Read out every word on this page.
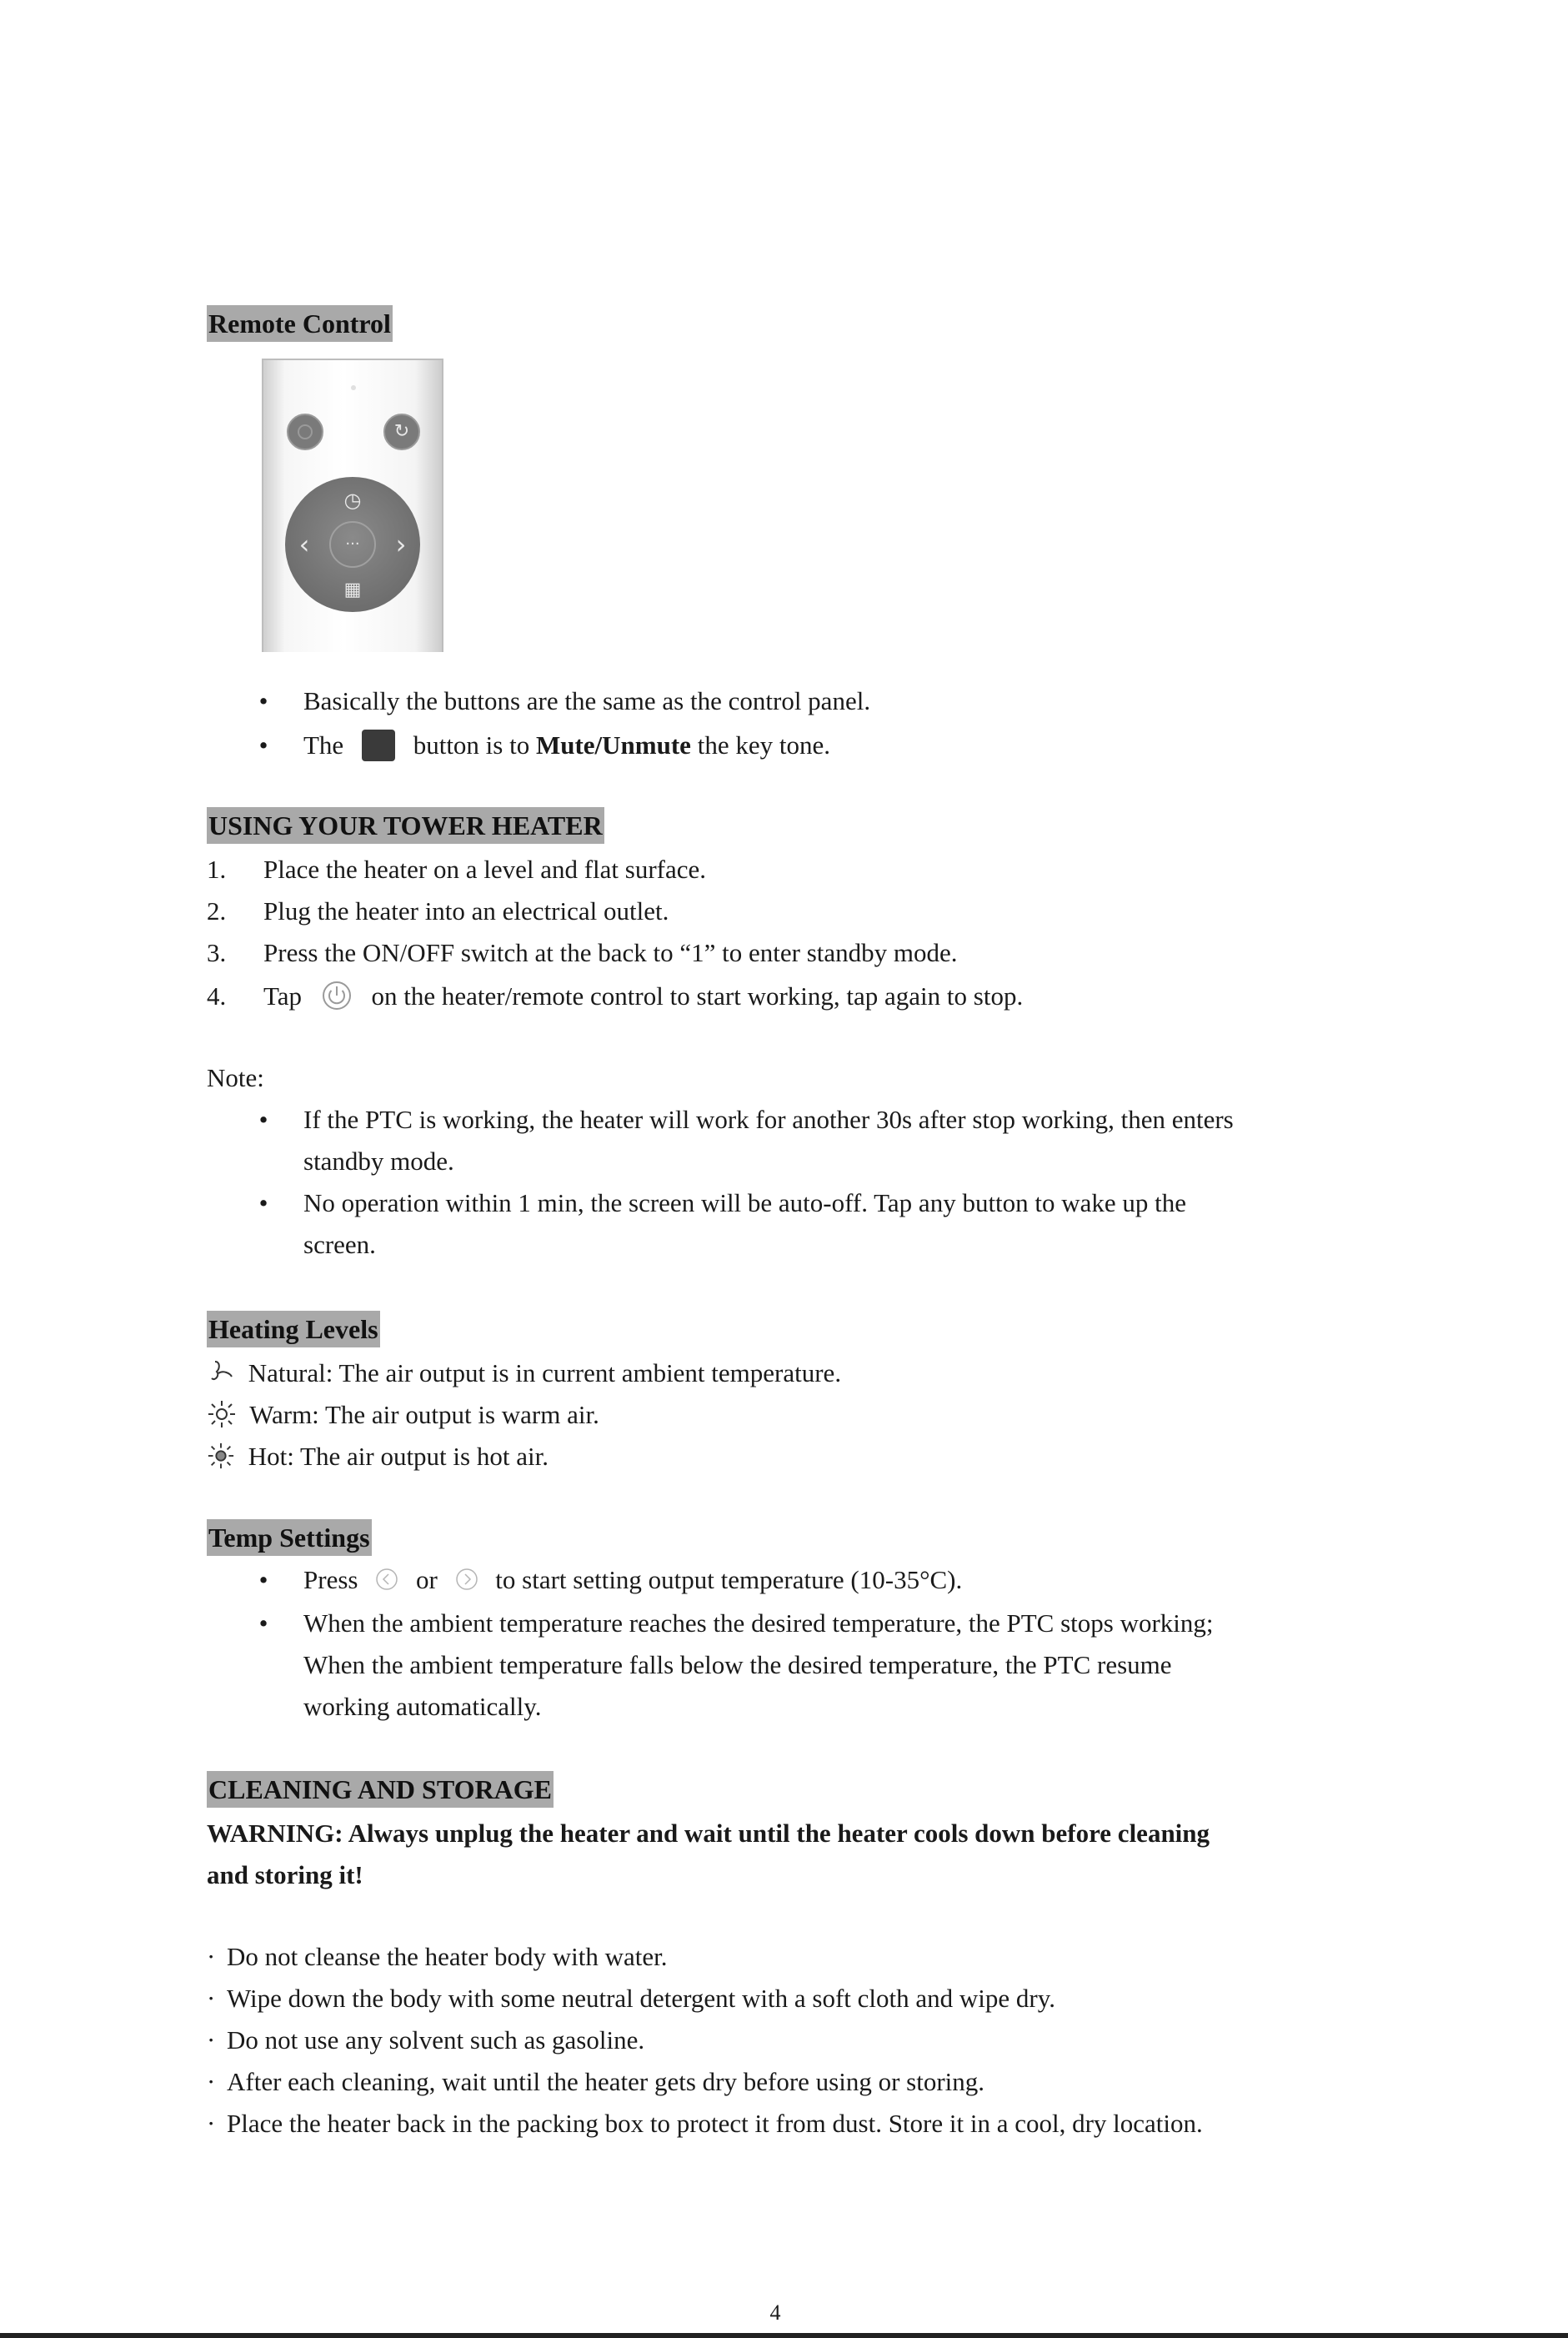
Remote Control
↻
◷
‹	···	›
▦
• Basically the buttons are the same as the control panel.
• The	button is to Mute/Unmute the key tone.
USING YOUR TOWER HEATER
1. Place the heater on a level and flat surface.
2. Plug the heater into an electrical outlet.
3. Press the ON/OFF switch at the back to “1” to enter standby mode.
4. Tap	on the heater/remote control to start working, tap again to stop.
Note:
• If the PTC is working, the heater will work for another 30s after stop working, then enters
standby mode.
• No operation within 1 min, the screen will be auto-off. Tap any button to wake up the
screen.
Heating Levels
Natural: The air output is in current ambient temperature.
Warm: The air output is warm air.
Hot: The air output is hot air.
Temp Settings
• Press or to start setting output temperature (10-35°C).
• When the ambient temperature reaches the desired temperature, the PTC stops working;
When the ambient temperature falls below the desired temperature, the PTC resume
working automatically.
CLEANING AND STORAGE
WARNING: Always unplug the heater and wait until the heater cools down before cleaning
and storing it!
· Do not cleanse the heater body with water.
· Wipe down the body with some neutral detergent with a soft cloth and wipe dry.
· Do not use any solvent such as gasoline.
· After each cleaning, wait until the heater gets dry before using or storing.
· Place the heater back in the packing box to protect it from dust. Store it in a cool, dry location.
4
